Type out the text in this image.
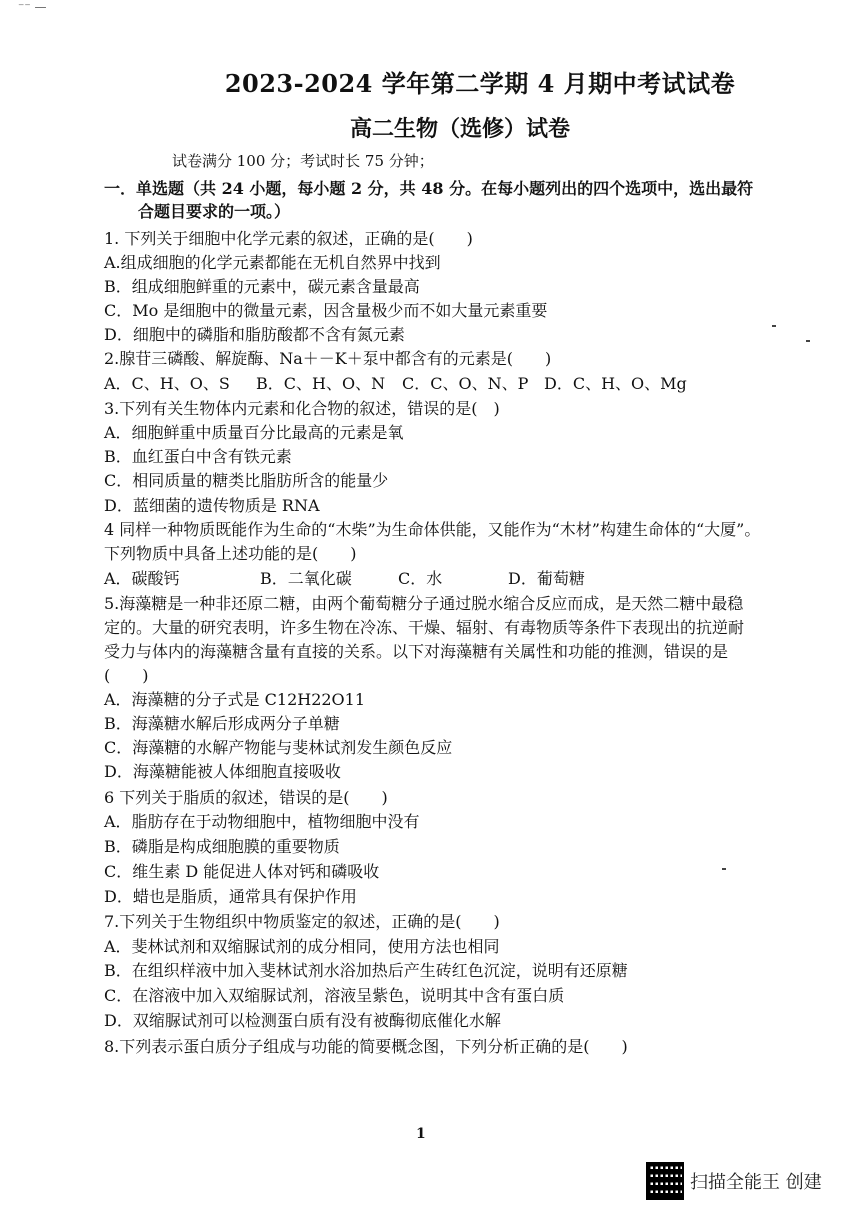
⁻⁻ —
2023-2024 学年第二学期 4 月期中考试试卷
高二生物（选修）试卷
试卷满分 100 分；考试时长 75 分钟；
一．单选题（共 24 小题，每小题 2 分，共 48 分。在每小题列出的四个选项中，选出最符
合题目要求的一项。）
1. 下列关于细胞中化学元素的叙述，正确的是(　　)
A.组成细胞的化学元素都能在无机自然界中找到
B．组成细胞鲜重的元素中，碳元素含量最高
C．Mo 是细胞中的微量元素，因含量极少而不如大量元素重要
D．细胞中的磷脂和脂肪酸都不含有氮元素
2.腺苷三磷酸、解旋酶、Na＋－K＋泵中都含有的元素是(　　)
A．C、H、O、S B．C、H、O、N C．C、O、N、P D．C、H、O、Mg
3.下列有关生物体内元素和化合物的叙述，错误的是(　)
A．细胞鲜重中质量百分比最高的元素是氧
B．血红蛋白中含有铁元素
C．相同质量的糖类比脂肪所含的能量少
D．蓝细菌的遗传物质是 RNA
4 同样一种物质既能作为生命的“木柴”为生命体供能，又能作为“木材”构建生命体的“大厦”。
下列物质中具备上述功能的是(　　)
A．碳酸钙	B．二氧化碳	C．水	D．葡萄糖
5.海藻糖是一种非还原二糖，由两个葡萄糖分子通过脱水缩合反应而成，是天然二糖中最稳
定的。大量的研究表明，许多生物在冷冻、干燥、辐射、有毒物质等条件下表现出的抗逆耐
受力与体内的海藻糖含量有直接的关系。以下对海藻糖有关属性和功能的推测，错误的是
(　　)
A．海藻糖的分子式是 C12H22O11
B．海藻糖水解后形成两分子单糖
C．海藻糖的水解产物能与斐林试剂发生颜色反应
D．海藻糖能被人体细胞直接吸收
6 下列关于脂质的叙述，错误的是(　　)
A．脂肪存在于动物细胞中，植物细胞中没有
B．磷脂是构成细胞膜的重要物质
C．维生素 D 能促进人体对钙和磷吸收
D．蜡也是脂质，通常具有保护作用
7.下列关于生物组织中物质鉴定的叙述，正确的是(　　)
A．斐林试剂和双缩脲试剂的成分相同，使用方法也相同
B．在组织样液中加入斐林试剂水浴加热后产生砖红色沉淀，说明有还原糖
C．在溶液中加入双缩脲试剂，溶液呈紫色，说明其中含有蛋白质
D．双缩脲试剂可以检测蛋白质有没有被酶彻底催化水解
8.下列表示蛋白质分子组成与功能的简要概念图，下列分析正确的是(　　)
1
扫描全能王 创建
